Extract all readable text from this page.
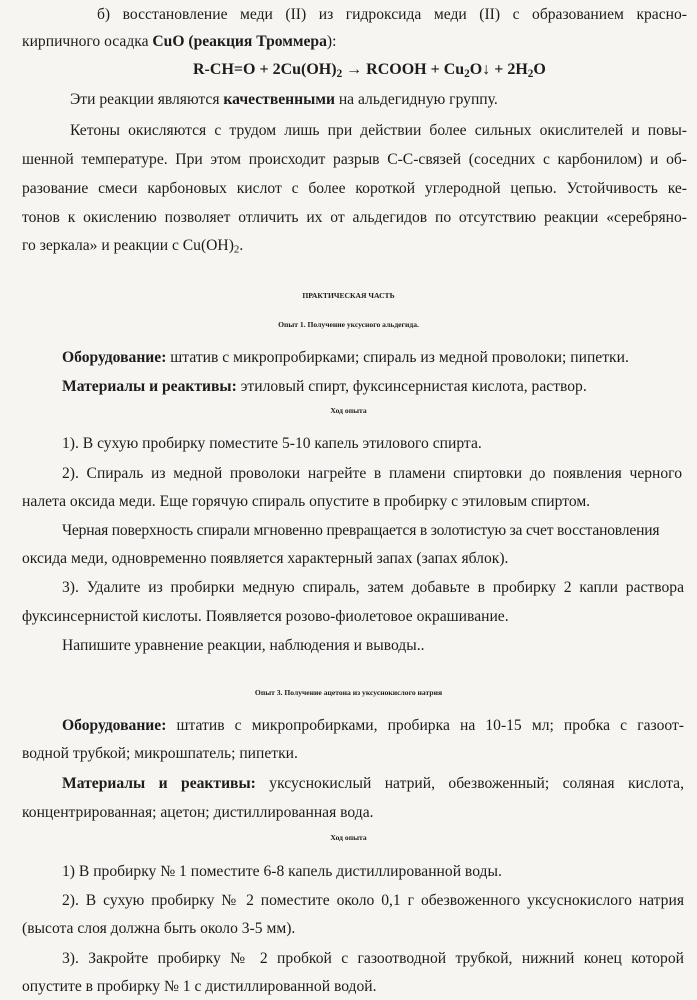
б) восстановление меди (II) из гидроксида меди (II) с образованием красно-

кирпичного осадка CuO (реакция Троммера):

$R-CH=O + 2Cu(OH)_2$ → RCOOH + $Cu_2O↓ + 2H_2O$

Эти реакции являются качественными на альдегидную группу.

Кетоны окисляются с трудом лишь при действии более сильных окислителей и повы-

шенной температуре. При этом происходит разрыв С-С-связей (соседних с карбонилом) и об-

разование смеси карбоновых кислот с более короткой углеродной цепью. Устойчивость ке-

тонов к окислению позволяет отличить их от альдегидов по отсутствию реакции «серебряно-

го зеркала» и реакции с $Cu(OH)_2$.

ПРАКТИЧЕСКАЯ ЧАСТЬ

Опыт 1. Получение уксусного альдегида.

Оборудование: штатив с микропробирками; спираль из медной проволоки; пипетки.

Материалы и реактивы: этиловый спирт, фуксинсернистая кислота, раствор.

Ход опыта

1). В сухую пробирку поместите 5-10 капель этилового спирта.

2). Спираль из медной проволоки нагрейте в пламени спиртовки до появления черного

налета оксида меди. Еще горячую спираль опустите в пробирку с этиловым спиртом.

Черная поверхность спирали мгновенно превращается в золотистую за счет восстановления

оксида меди, одновременно появляется характерный запах (запах яблок).

3). Удалите из пробирки медную спираль, затем добавьте в пробирку 2 капли раствора

фуксинсернистой кислоты. Появляется розово-фиолетовое окрашивание.

Напишите уравнение реакции, наблюдения и выводы..

Опыт 3. Получение ацетона из уксуснокислого натрия

Оборудование: штатив с микропробирками, пробирка на 10-15 мл; пробка с газоот-

водной трубкой; микрошпатель; пипетки.

Материалы и реактивы: уксуснокислый натрий, обезвоженный; соляная кислота,

концентрированная; ацетон; дистиллированная вода.

Ход опыта

1) В пробирку № 1 поместите 6-8 капель дистиллированной воды.

2). В сухую пробирку № 2 поместите около 0,1 г обезвоженного уксуснокислого натрия

(высота слоя должна быть около 3-5 мм).

3). Закройте пробирку № 2 пробкой с газоотводной трубкой, нижний конец которой

опустите в пробирку № 1 с дистиллированной водой.
